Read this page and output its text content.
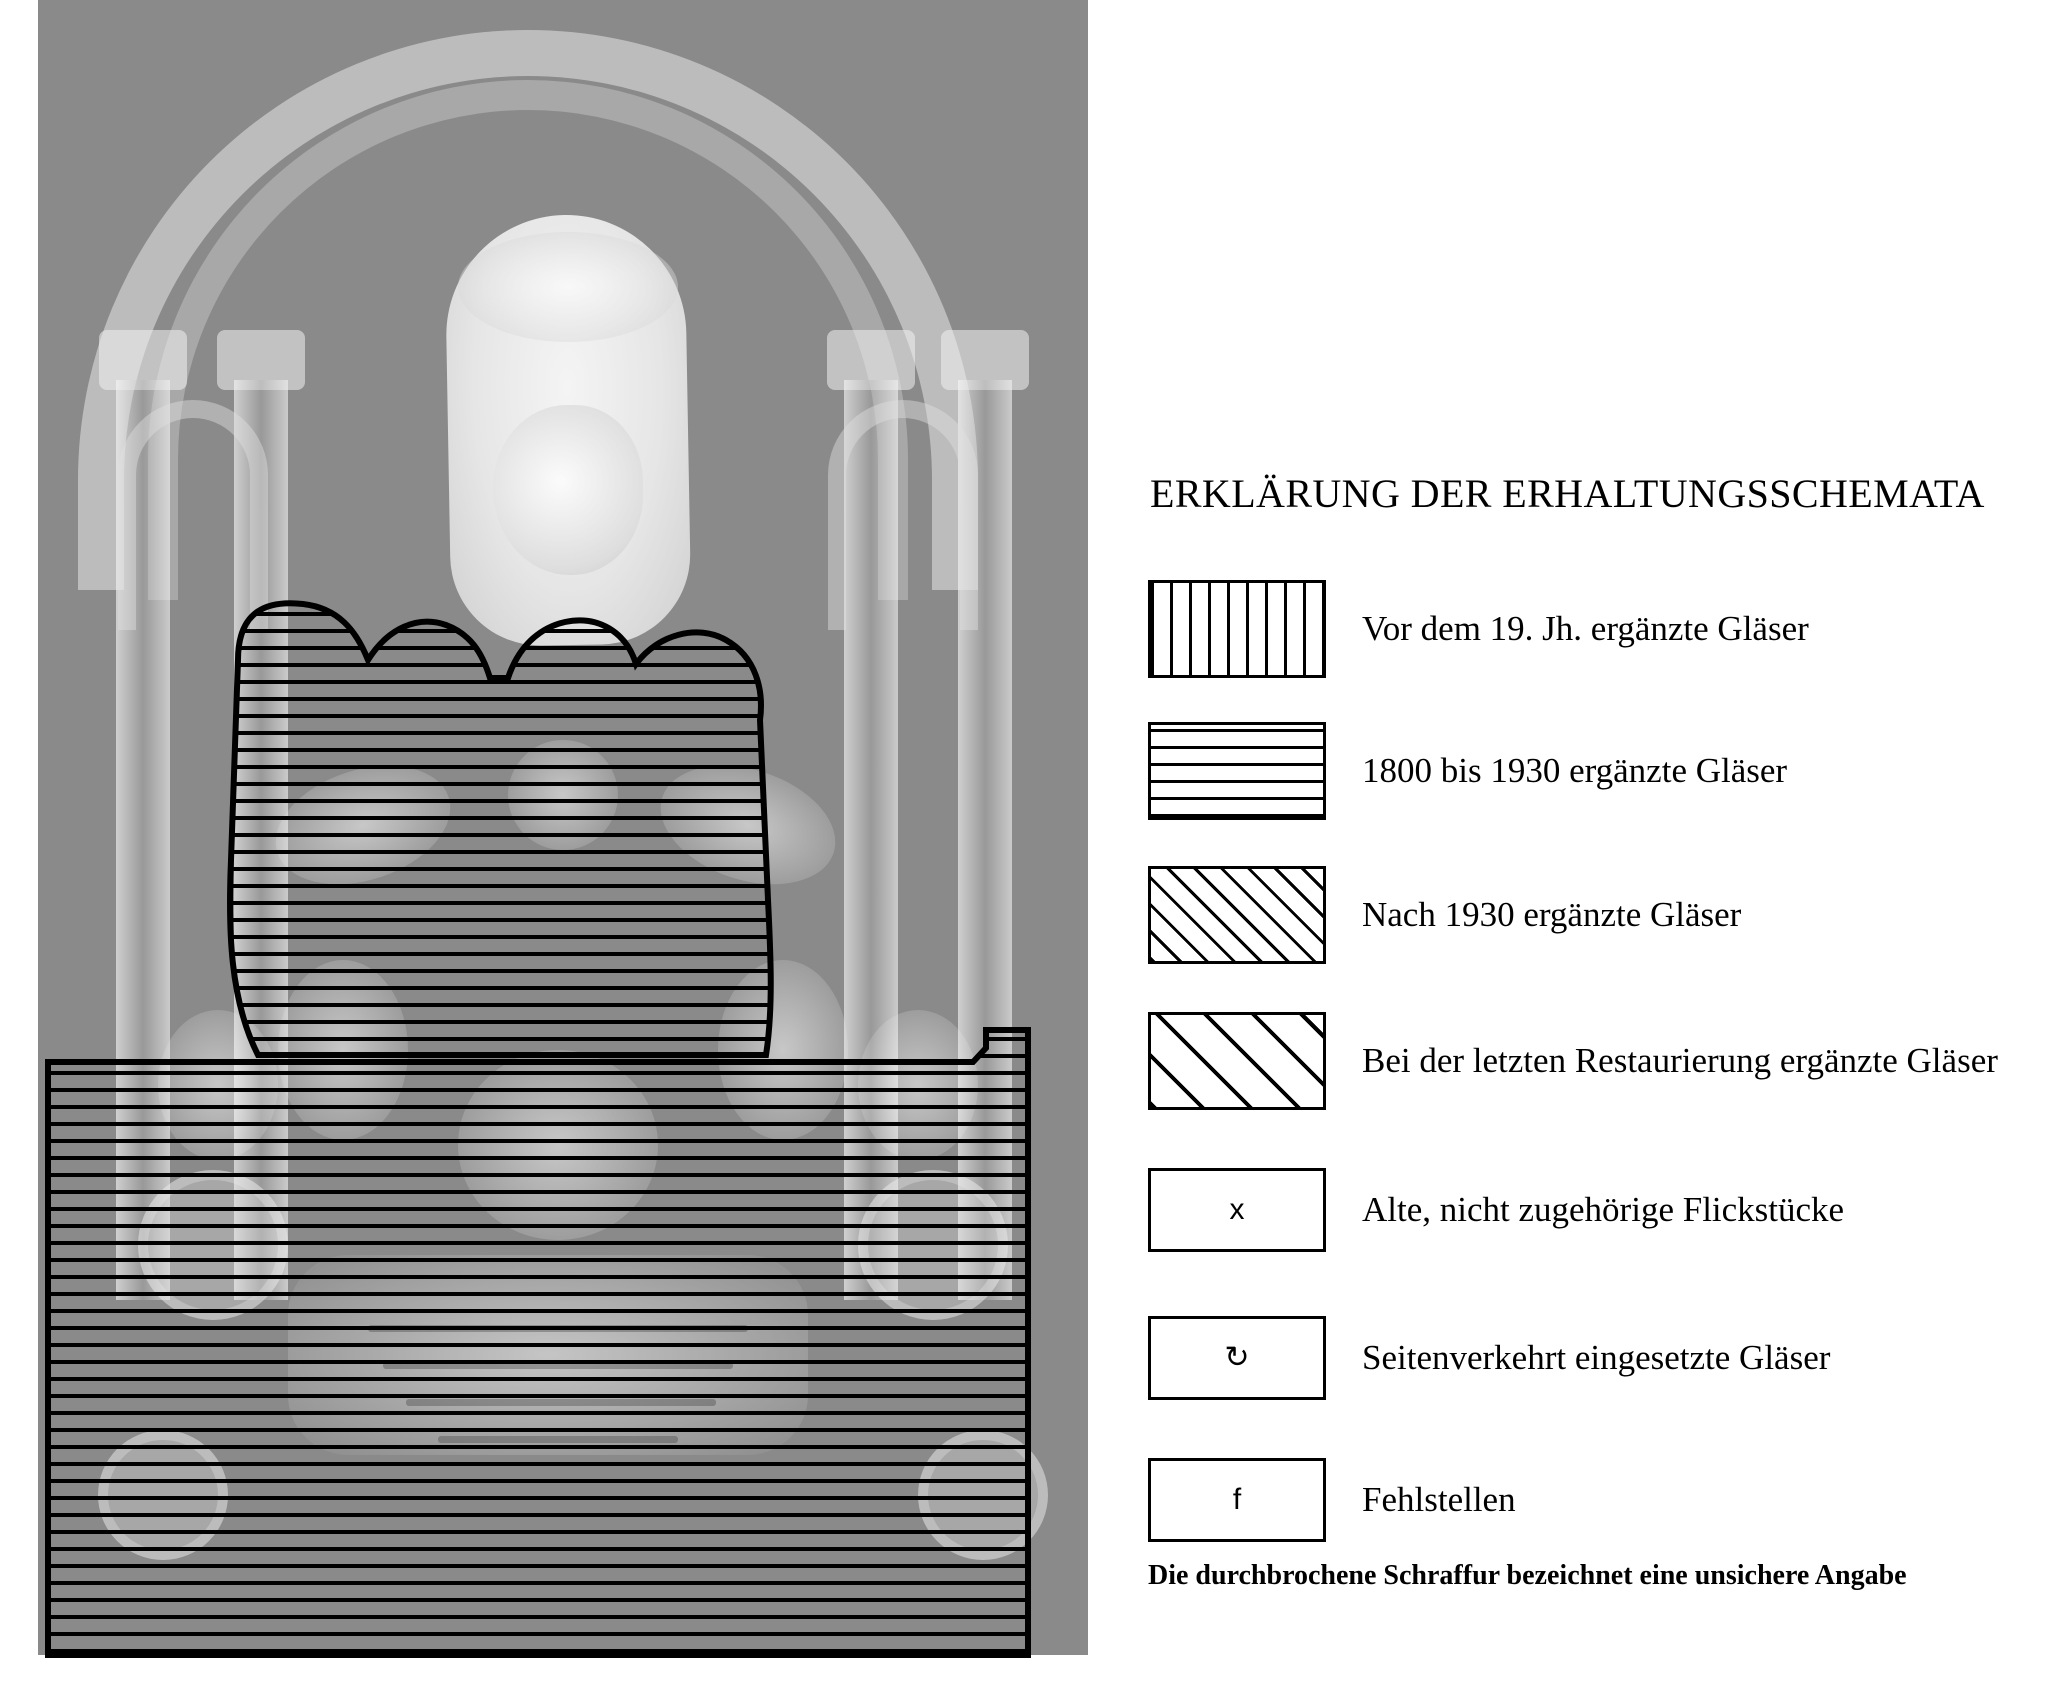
ERKLÄRUNG DER ERHALTUNGSSCHEMATA
Vor dem 19. Jh. ergänzte Gläser
1800 bis 1930 ergänzte Gläser
Nach 1930 ergänzte Gläser
Bei der letzten Restaurierung ergänzte Gläser
x	Alte, nicht zugehörige Flickstücke
↻	Seitenverkehrt eingesetzte Gläser
f	Fehlstellen
Die durchbrochene Schraffur bezeichnet eine unsichere Angabe
